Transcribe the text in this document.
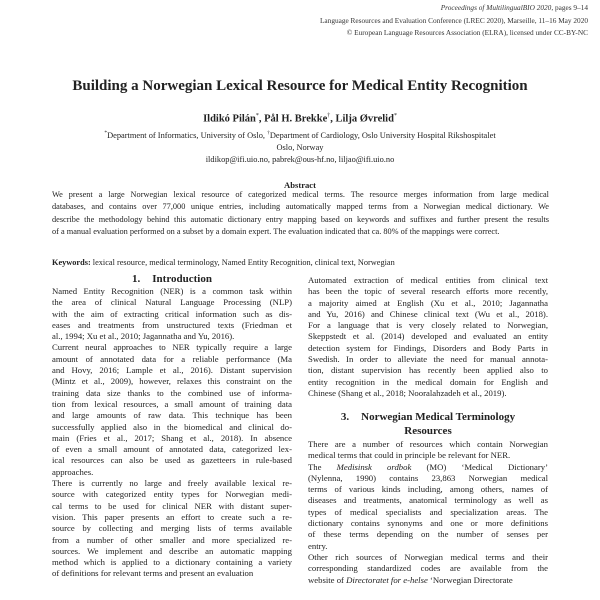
Proceedings of MultilingualBIO 2020, pages 9–14
Language Resources and Evaluation Conference (LREC 2020), Marseille, 11–16 May 2020
© European Language Resources Association (ELRA), licensed under CC-BY-NC
Building a Norwegian Lexical Resource for Medical Entity Recognition
Ildikó Pilán*, Pål H. Brekke†, Lilja Øvrelid*
*Department of Informatics, University of Oslo, †Department of Cardiology, Oslo University Hospital Rikshospitalet
Oslo, Norway
ildikop@ifi.uio.no, pabrek@ous-hf.no, liljao@ifi.uio.no
Abstract
We present a large Norwegian lexical resource of categorized medical terms. The resource merges information from large medical
databases, and contains over 77,000 unique entries, including automatically mapped terms from a Norwegian medical dictionary. We
describe the methodology behind this automatic dictionary entry mapping based on keywords and suffixes and further present the results
of a manual evaluation performed on a subset by a domain expert. The evaluation indicated that ca. 80% of the mappings were correct.
Keywords: lexical resource, medical terminology, Named Entity Recognition, clinical text, Norwegian
1. Introduction
Named Entity Recognition (NER) is a common task within
the area of clinical Natural Language Processing (NLP)
with the aim of extracting critical information such as dis-
eases and treatments from unstructured texts (Friedman et
al., 1994; Xu et al., 2010; Jagannatha and Yu, 2016).
Current neural approaches to NER typically require a large
amount of annotated data for a reliable performance (Ma
and Hovy, 2016; Lample et al., 2016). Distant supervision
(Mintz et al., 2009), however, relaxes this constraint on the
training data size thanks to the combined use of informa-
tion from lexical resources, a small amount of training data
and large amounts of raw data. This technique has been
successfully applied also in the biomedical and clinical do-
main (Fries et al., 2017; Shang et al., 2018). In absence
of even a small amount of annotated data, categorized lex-
ical resources can also be used as gazetteers in rule-based
approaches.
There is currently no large and freely available lexical re-
source with categorized entity types for Norwegian medi-
cal terms to be used for clinical NER with distant super-
vision. This paper presents an effort to create such a re-
source by collecting and merging lists of terms available
from a number of other smaller and more specialized re-
sources. We implement and describe an automatic mapping
method which is applied to a dictionary containing a variety
of definitions for relevant terms and present an evaluation
Automated extraction of medical entities from clinical text
has been the topic of several research efforts more recently,
a majority aimed at English (Xu et al., 2010; Jagannatha
and Yu, 2016) and Chinese clinical text (Wu et al., 2018).
For a language that is very closely related to Norwegian,
Skeppstedt et al. (2014) developed and evaluated an entity
detection system for Findings, Disorders and Body Parts in
Swedish. In order to alleviate the need for manual annota-
tion, distant supervision has recently been applied also to
entity recognition in the medical domain for English and
Chinese (Shang et al., 2018; Nooralahzadeh et al., 2019).
3. Norwegian Medical Terminology
Resources
There are a number of resources which contain Norwegian
medical terms that could in principle be relevant for NER.
The Medisinsk ordbok (MO) ‘Medical Dictionary’
(Nylenna, 1990) contains 23,863 Norwegian medical
terms of various kinds including, among others, names of
diseases and treatments, anatomical terminology as well as
types of medical specialists and specialization areas. The
dictionary contains synonyms and one or more definitions
of these terms depending on the number of senses per
entry.
Other rich sources of Norwegian medical terms and their
corresponding standardized codes are available from the
website of Directoratet for e-helse ‘Norwegian Directorate
